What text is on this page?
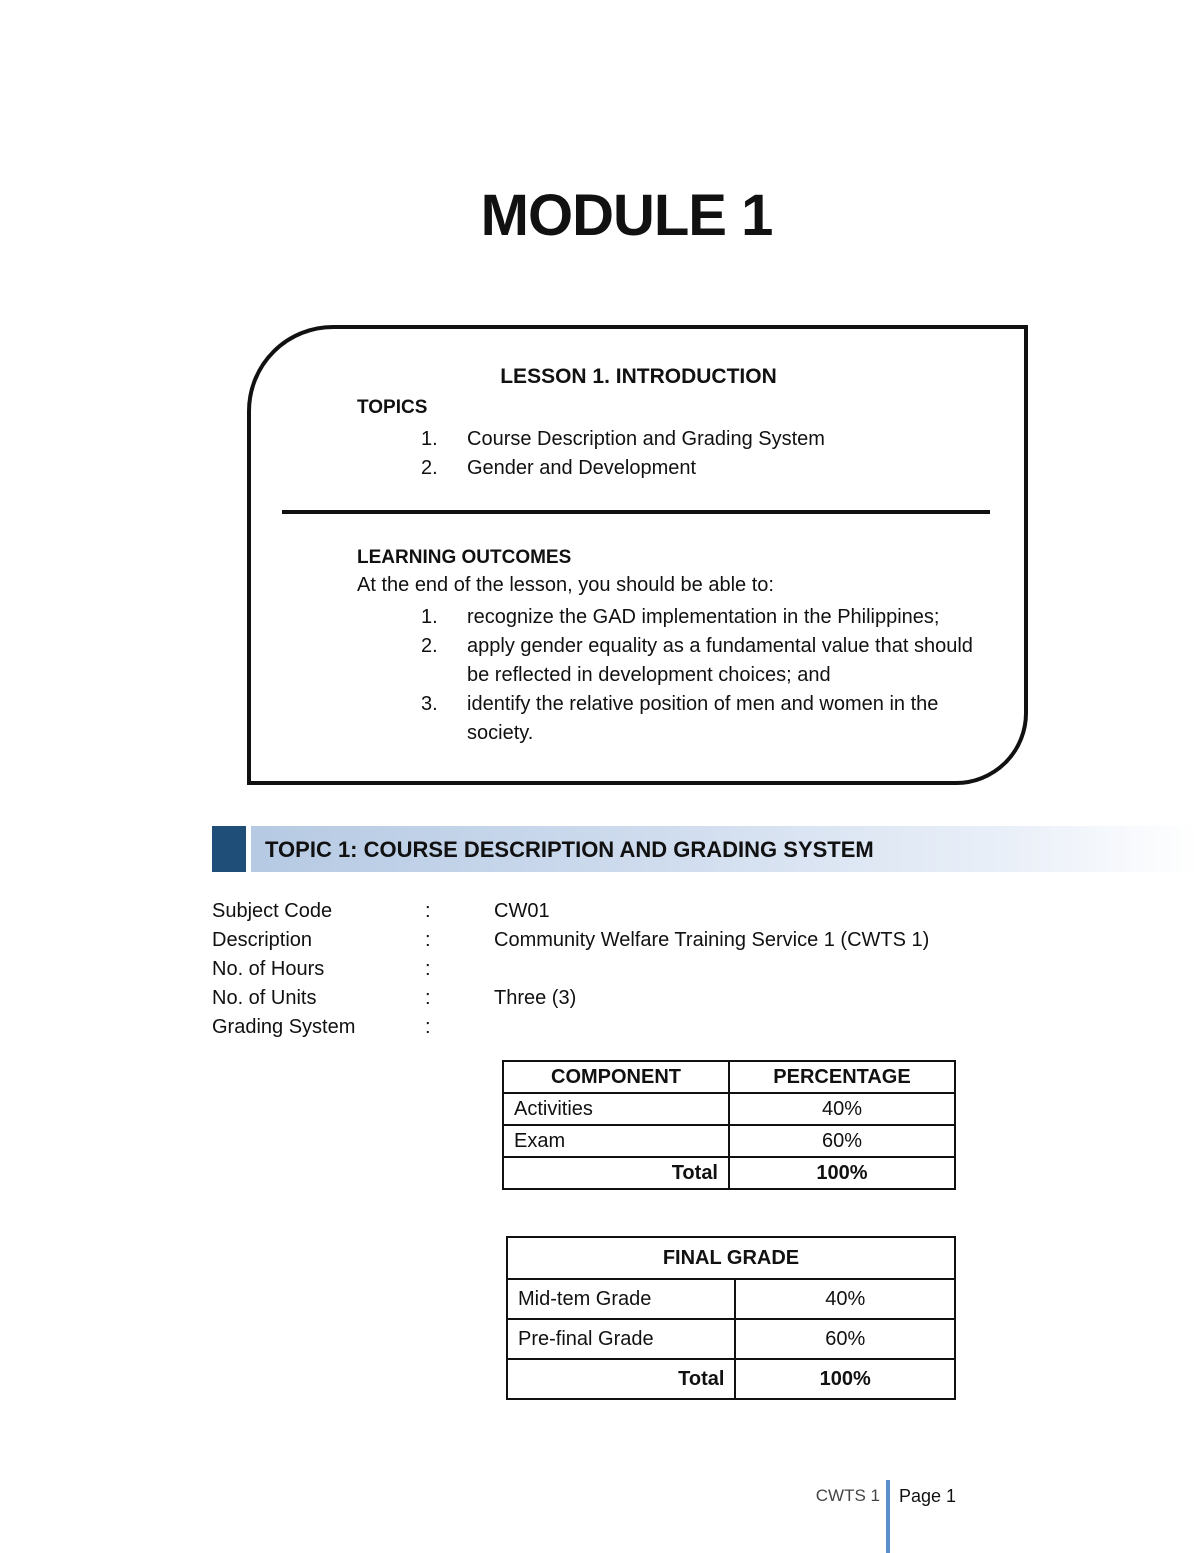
MODULE 1
LESSON 1. INTRODUCTION
TOPICS
1. Course Description and Grading System
2. Gender and Development
LEARNING OUTCOMES
At the end of the lesson, you should be able to:
1. recognize the GAD implementation in the Philippines;
2. apply gender equality as a fundamental value that should be reflected in development choices; and
3. identify the relative position of men and women in the society.
TOPIC 1: COURSE DESCRIPTION AND GRADING SYSTEM
Subject Code	:	CW01
Description	:	Community Welfare Training Service 1 (CWTS 1)
No. of Hours	:
No. of Units	:	Three (3)
Grading System	:
COMPONENT	PERCENTAGE
Activities	40%
Exam	60%
Total	100%
FINAL GRADE	
Mid-tem Grade	40%
Pre-final Grade	60%
Total	100%
CWTS 1 Page 1
